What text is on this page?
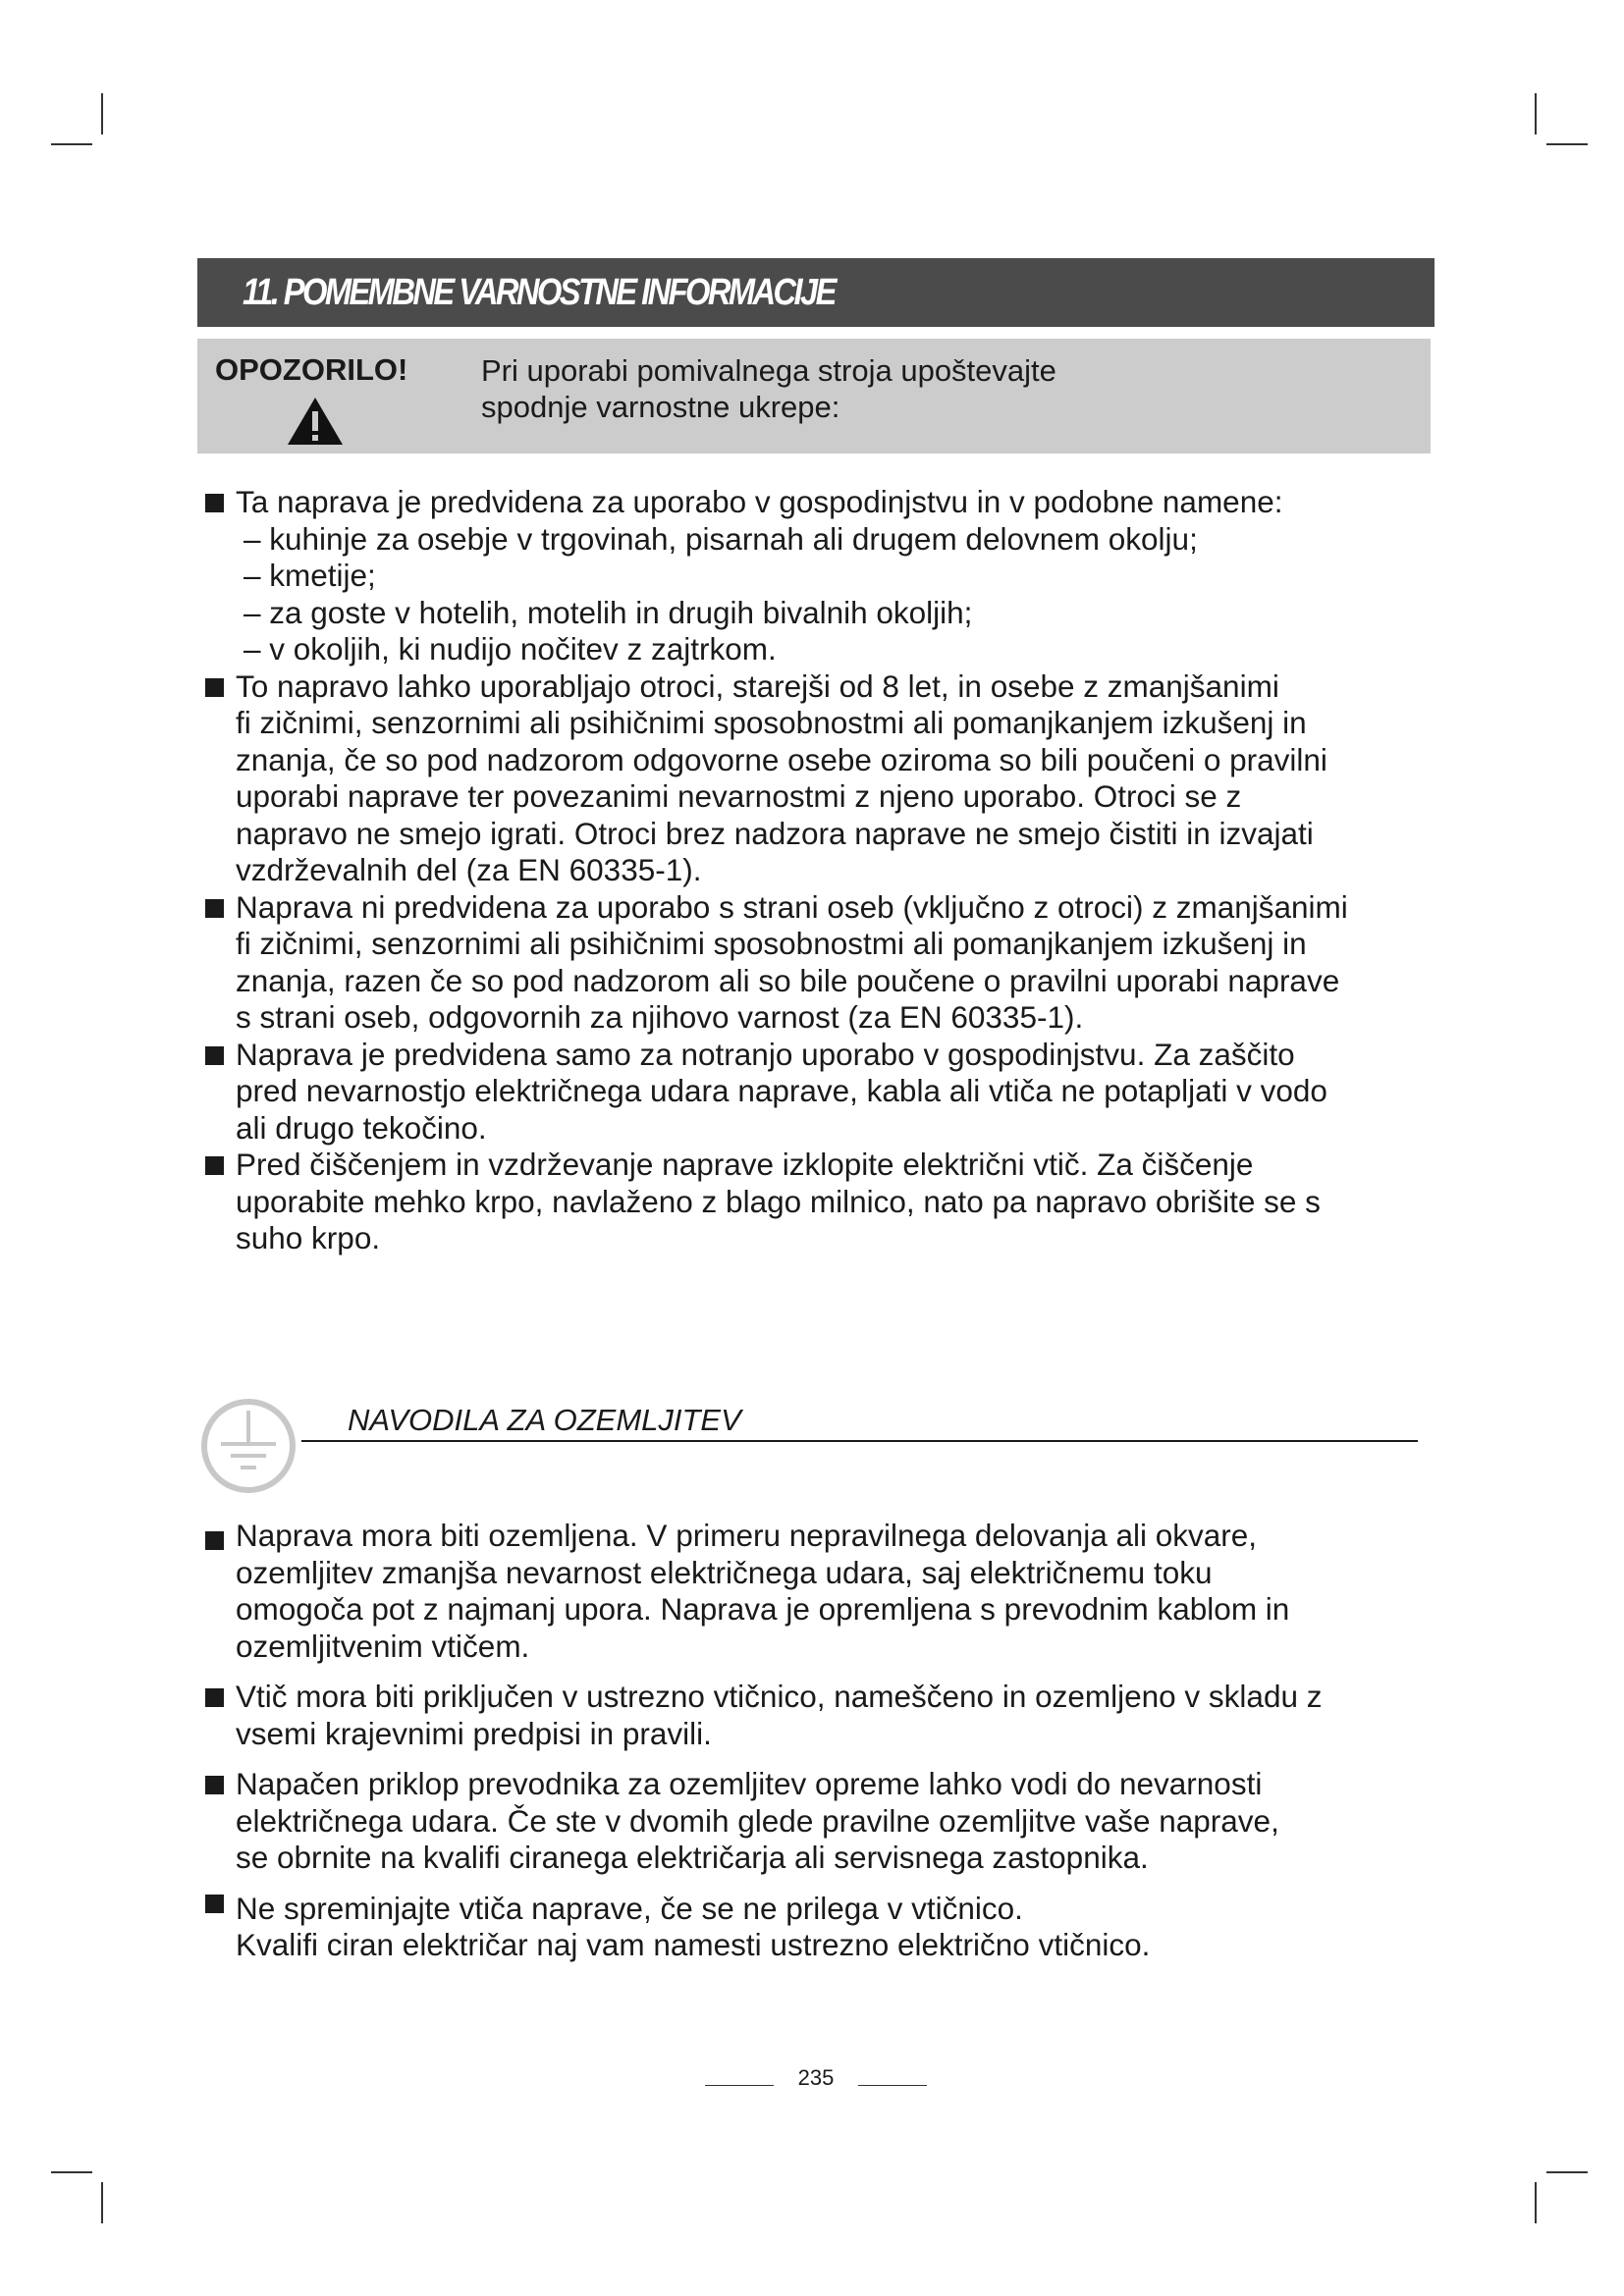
11. POMEMBNE VARNOSTNE INFORMACIJE
OPOZORILO! Pri uporabi pomivalnega stroja upoštevajte
spodnje varnostne ukrepe:
Ta naprava je predvidena za uporabo v gospodinjstvu in v podobne namene:
– kuhinje za osebje v trgovinah, pisarnah ali drugem delovnem okolju;
– kmetije;
– za goste v hotelih, motelih in drugih bivalnih okoljih;
– v okoljih, ki nudijo nočitev z zajtrkom.
To napravo lahko uporabljajo otroci, starejši od 8 let, in osebe z zmanjšanimi
fi zičnimi, senzornimi ali psihičnimi sposobnostmi ali pomanjkanjem izkušenj in
znanja, če so pod nadzorom odgovorne osebe oziroma so bili poučeni o pravilni
uporabi naprave ter povezanimi nevarnostmi z njeno uporabo. Otroci se z
napravo ne smejo igrati. Otroci brez nadzora naprave ne smejo čistiti in izvajati
vzdrževalnih del (za EN 60335-1).
Naprava ni predvidena za uporabo s strani oseb (vključno z otroci) z zmanjšanimi
fi zičnimi, senzornimi ali psihičnimi sposobnostmi ali pomanjkanjem izkušenj in
znanja, razen če so pod nadzorom ali so bile poučene o pravilni uporabi naprave
s strani oseb, odgovornih za njihovo varnost (za EN 60335-1).
Naprava je predvidena samo za notranjo uporabo v gospodinjstvu. Za zaščito
pred nevarnostjo električnega udara naprave, kabla ali vtiča ne potapljati v vodo
ali drugo tekočino.
Pred čiščenjem in vzdrževanje naprave izklopite električni vtič. Za čiščenje
uporabite mehko krpo, navlaženo z blago milnico, nato pa napravo obrišite se s
suho krpo.
NAVODILA ZA OZEMLJITEV
Naprava mora biti ozemljena. V primeru nepravilnega delovanja ali okvare,
ozemljitev zmanjša nevarnost električnega udara, saj električnemu toku
omogoča pot z najmanj upora. Naprava je opremljena s prevodnim kablom in
ozemljitvenim vtičem.
Vtič mora biti priključen v ustrezno vtičnico, nameščeno in ozemljeno v skladu z
vsemi krajevnimi predpisi in pravili.
Napačen priklop prevodnika za ozemljitev opreme lahko vodi do nevarnosti
električnega udara. Če ste v dvomih glede pravilne ozemljitve vaše naprave,
se obrnite na kvalifi ciranega električarja ali servisnega zastopnika.
Ne spreminjajte vtiča naprave, če se ne prilega v vtičnico.
Kvalifi ciran električar naj vam namesti ustrezno električno vtičnico.
235
